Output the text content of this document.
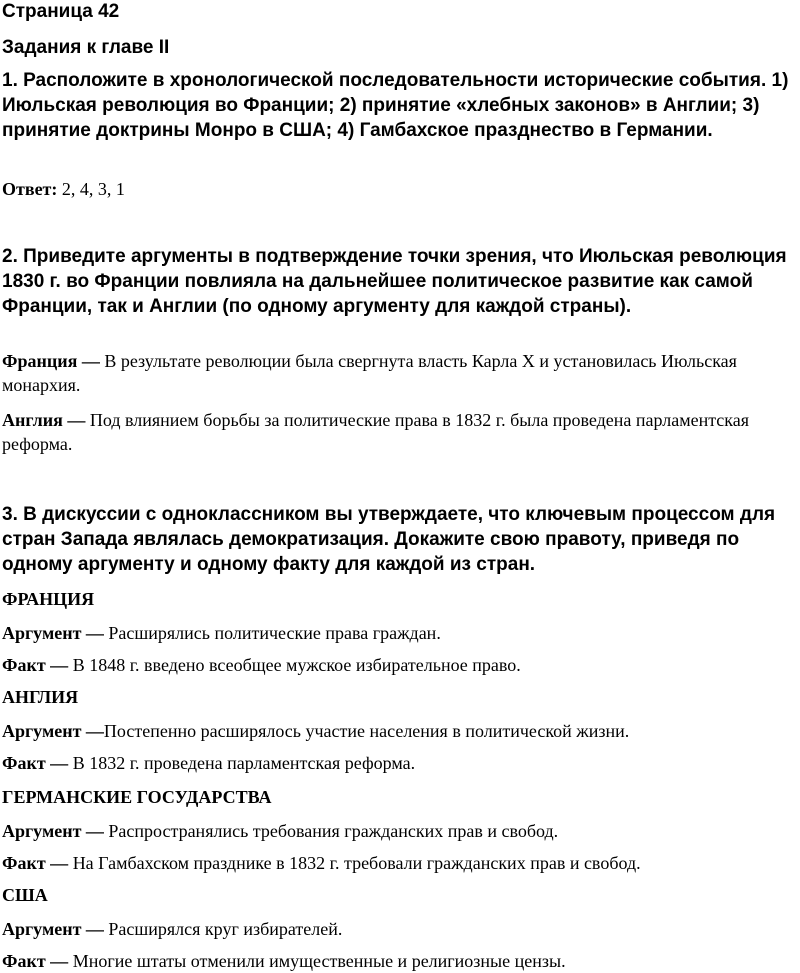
Страница 42
Задания к главе II
1. Расположите в хронологической последовательности исторические события. 1) Июльская революция во Франции; 2) принятие «хлебных законов» в Англии; 3) принятие доктрины Монро в США; 4) Гамбахское празднество в Германии.
Ответ: 2, 4, 3, 1
2. Приведите аргументы в подтверждение точки зрения, что Июльская революция 1830 г. во Франции повлияла на дальнейшее политическое развитие как самой Франции, так и Англии (по одному аргументу для каждой страны).
Франция — В результате революции была свергнута власть Карла X и установилась Июльская монархия.
Англия — Под влиянием борьбы за политические права в 1832 г. была проведена парламентская реформа.
3. В дискуссии с одноклассником вы утверждаете, что ключевым процессом для стран Запада являлась демократизация. Докажите свою правоту, приведя по одному аргументу и одному факту для каждой из стран.
ФРАНЦИЯ
Аргумент — Расширялись политические права граждан.
Факт — В 1848 г. введено всеобщее мужское избирательное право.
АНГЛИЯ
Аргумент —Постепенно расширялось участие населения в политической жизни.
Факт — В 1832 г. проведена парламентская реформа.
ГЕРМАНСКИЕ ГОСУДАРСТВА
Аргумент — Распространялись требования гражданских прав и свобод.
Факт — На Гамбахском празднике в 1832 г. требовали гражданских прав и свобод.
США
Аргумент — Расширялся круг избирателей.
Факт — Многие штаты отменили имущественные и религиозные цензы.
